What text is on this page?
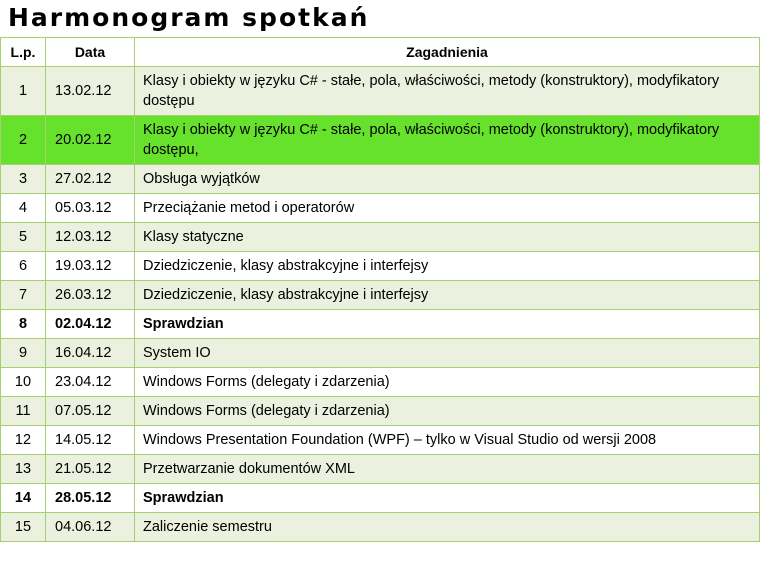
Harmonogram spotkań
L.p.	Data	Zagadnienia
1	13.02.12	Klasy i obiekty w języku C# - stałe, pola, właściwości, metody (konstruktory), modyfikatory dostępu
2	20.02.12	Klasy i obiekty w języku C# - stałe, pola, właściwości, metody (konstruktory), modyfikatory dostępu,
3	27.02.12	Obsługa wyjątków
4	05.03.12	Przeciążanie metod i operatorów
5	12.03.12	Klasy statyczne
6	19.03.12	Dziedziczenie, klasy abstrakcyjne i interfejsy
7	26.03.12	Dziedziczenie, klasy abstrakcyjne i interfejsy
8	02.04.12	Sprawdzian
9	16.04.12	System IO
10	23.04.12	Windows Forms (delegaty i zdarzenia)
11	07.05.12	Windows Forms (delegaty i zdarzenia)
12	14.05.12	Windows Presentation Foundation (WPF) – tylko w Visual Studio od wersji 2008
13	21.05.12	Przetwarzanie dokumentów XML
14	28.05.12	Sprawdzian
15	04.06.12	Zaliczenie semestru
